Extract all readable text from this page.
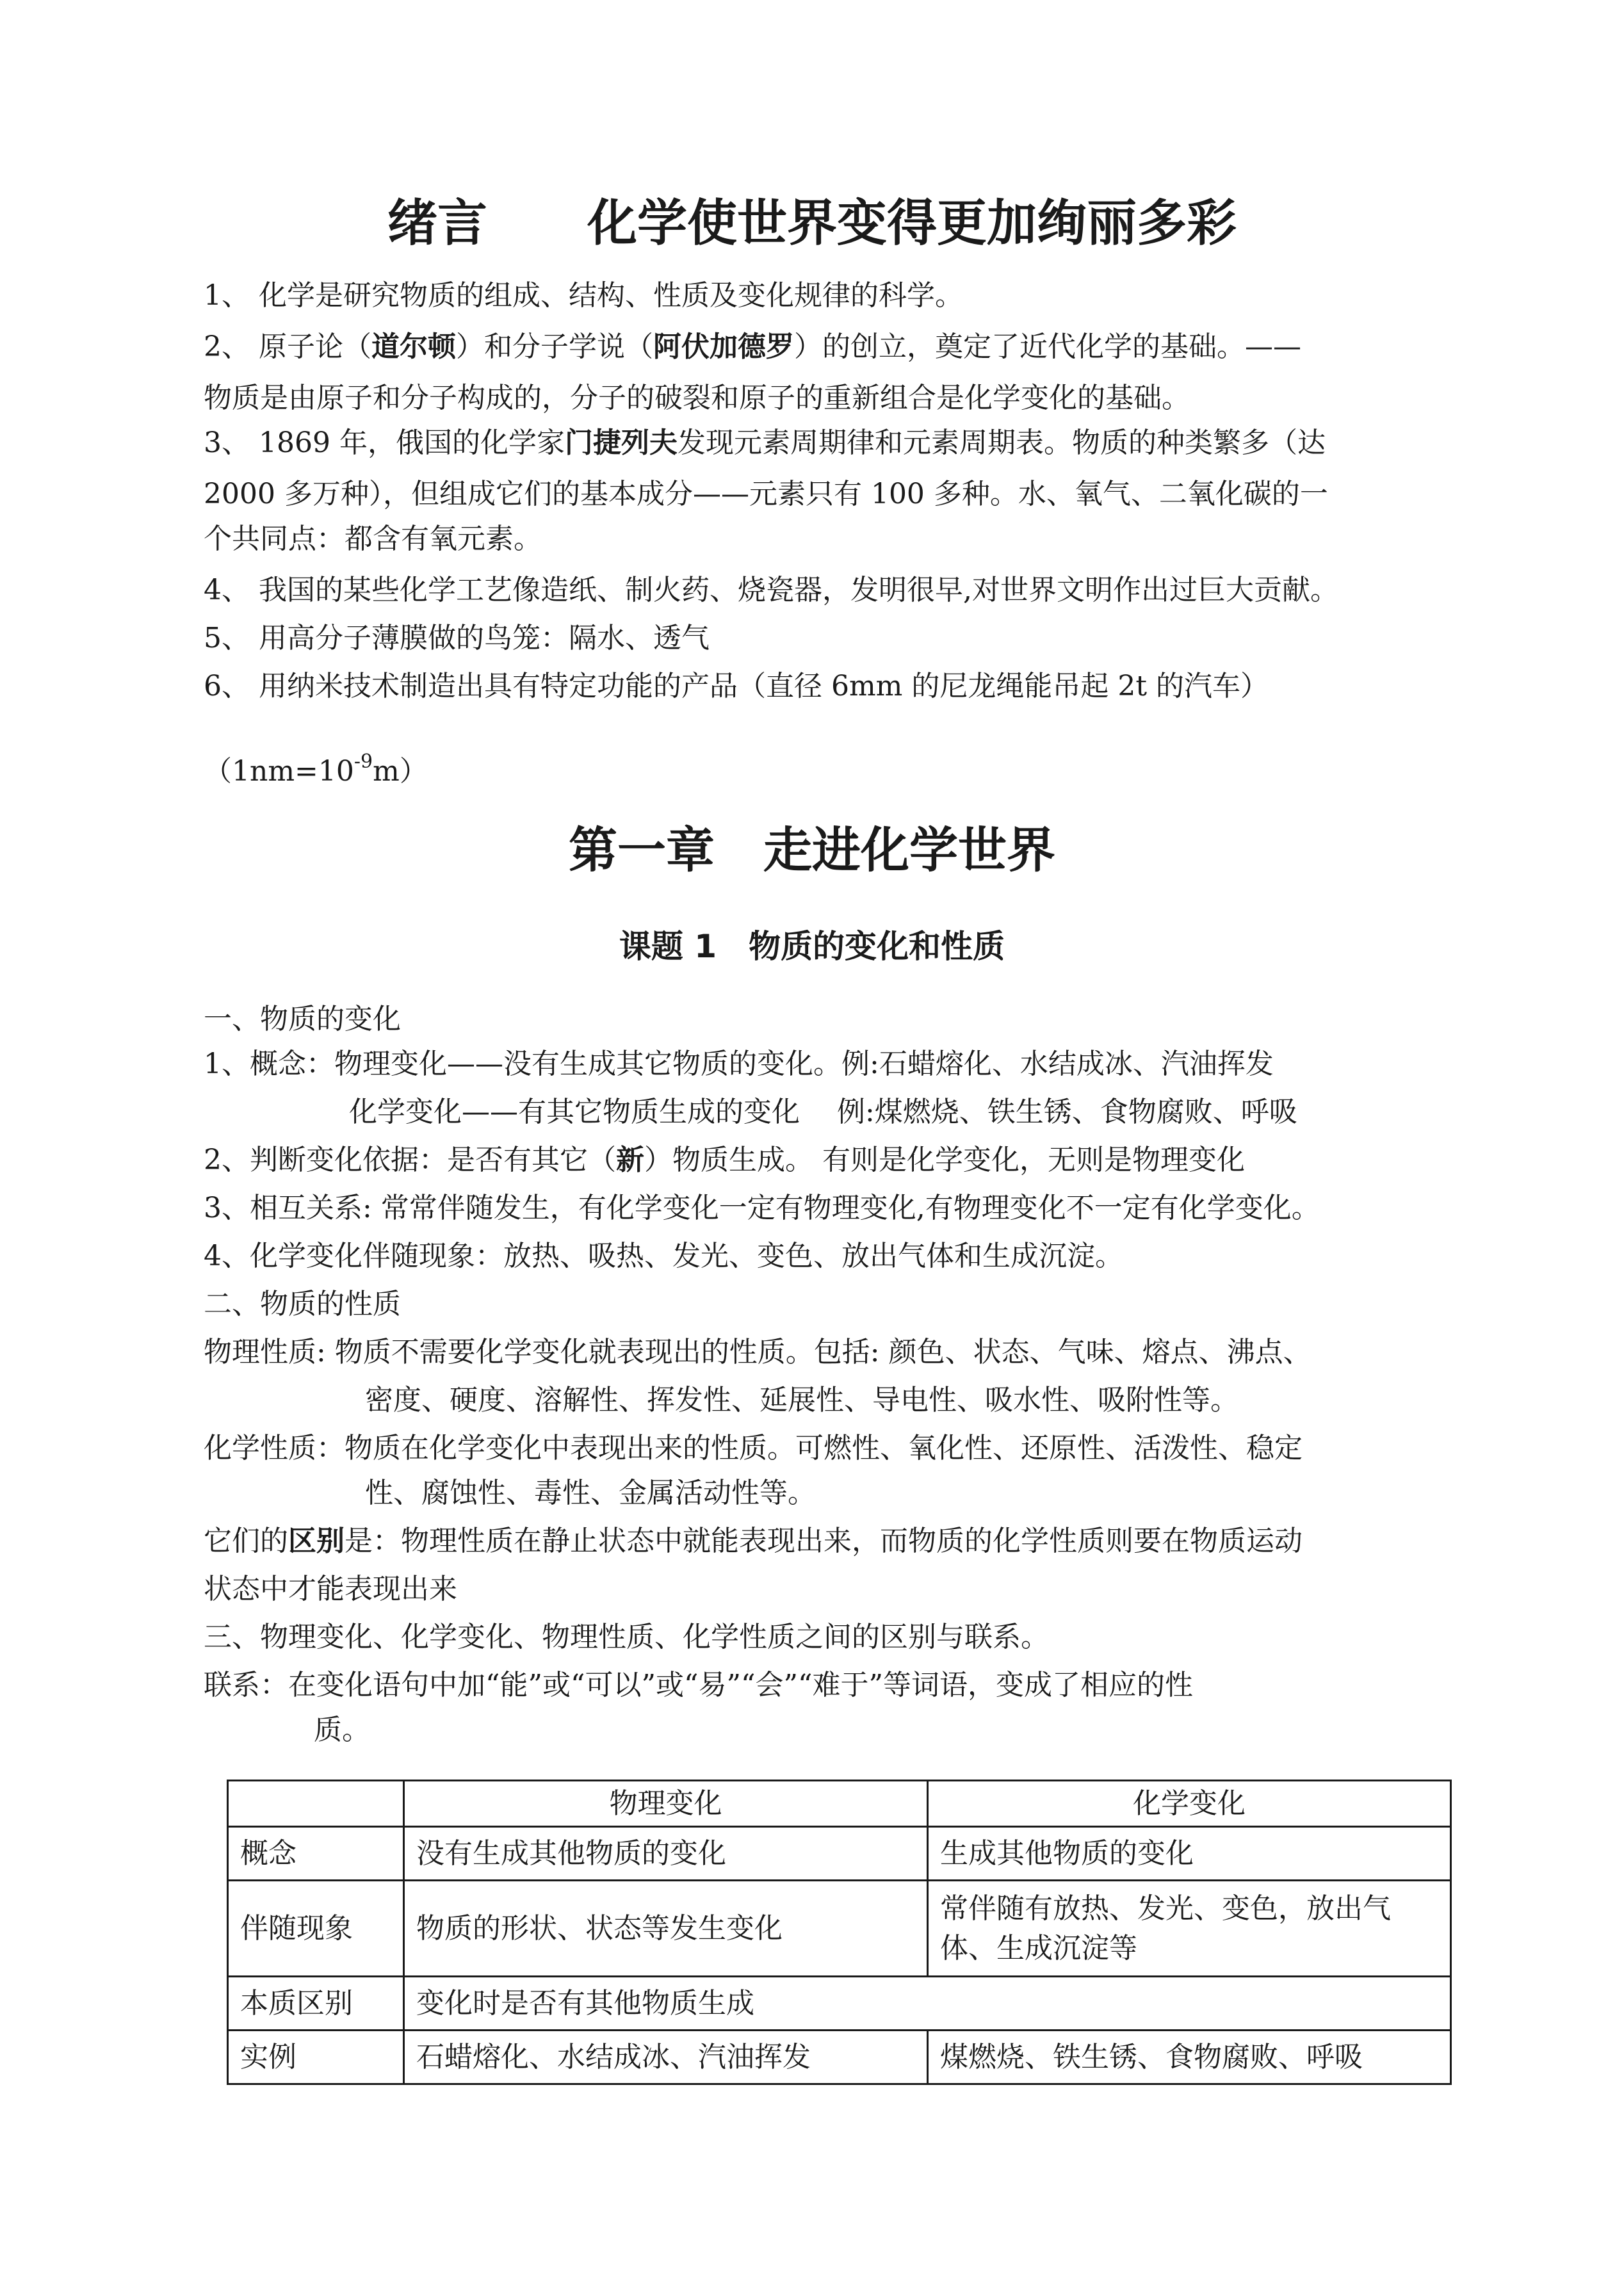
绪言　　化学使世界变得更加绚丽多彩
1、 化学是研究物质的组成、结构、性质及变化规律的科学。
2、 原子论（道尔顿）和分子学说（阿伏加德罗）的创立，奠定了近代化学的基础。——
物质是由原子和分子构成的，分子的破裂和原子的重新组合是化学变化的基础。
3、 1869 年，俄国的化学家门捷列夫发现元素周期律和元素周期表。物质的种类繁多（达
2000 多万种），但组成它们的基本成分——元素只有 100 多种。水、氧气、二氧化碳的一
个共同点：都含有氧元素。
4、 我国的某些化学工艺像造纸、制火药、烧瓷器，发明很早,对世界文明作出过巨大贡献。
5、 用高分子薄膜做的鸟笼：隔水、透气
6、 用纳米技术制造出具有特定功能的产品（直径 6mm 的尼龙绳能吊起 2t 的汽车）
$(1nm=10^{-9}m)$
第一章　走进化学世界
课题 1　物质的变化和性质
一、物质的变化
1、概念：物理变化——没有生成其它物质的变化。例:石蜡熔化、水结成冰、汽油挥发
化学变化——有其它物质生成的变化　 例:煤燃烧、铁生锈、食物腐败、呼吸
2、判断变化依据：是否有其它（新）物质生成。 有则是化学变化，无则是物理变化
3、相互关系: 常常伴随发生，有化学变化一定有物理变化,有物理变化不一定有化学变化。
4、化学变化伴随现象：放热、吸热、发光、变色、放出气体和生成沉淀。
二、物质的性质
物理性质: 物质不需要化学变化就表现出的性质。包括: 颜色、状态、气味、熔点、沸点、
密度、硬度、溶解性、挥发性、延展性、导电性、吸水性、吸附性等。
化学性质：物质在化学变化中表现出来的性质。可燃性、氧化性、还原性、活泼性、稳定
性、腐蚀性、毒性、金属活动性等。
它们的区别是：物理性质在静止状态中就能表现出来，而物质的化学性质则要在物质运动
状态中才能表现出来
三、物理变化、化学变化、物理性质、化学性质之间的区别与联系。
联系：在变化语句中加“能”或“可以”或“易”“会”“难于”等词语，变成了相应的性
质。
	物理变化	化学变化
概念	没有生成其他物质的变化	生成其他物质的变化
伴随现象	物质的形状、状态等发生变化	常伴随有放热、发光、变色，放出气体、生成沉淀等
本质区别	变化时是否有其他物质生成	
实例	石蜡熔化、水结成冰、汽油挥发	煤燃烧、铁生锈、食物腐败、呼吸
